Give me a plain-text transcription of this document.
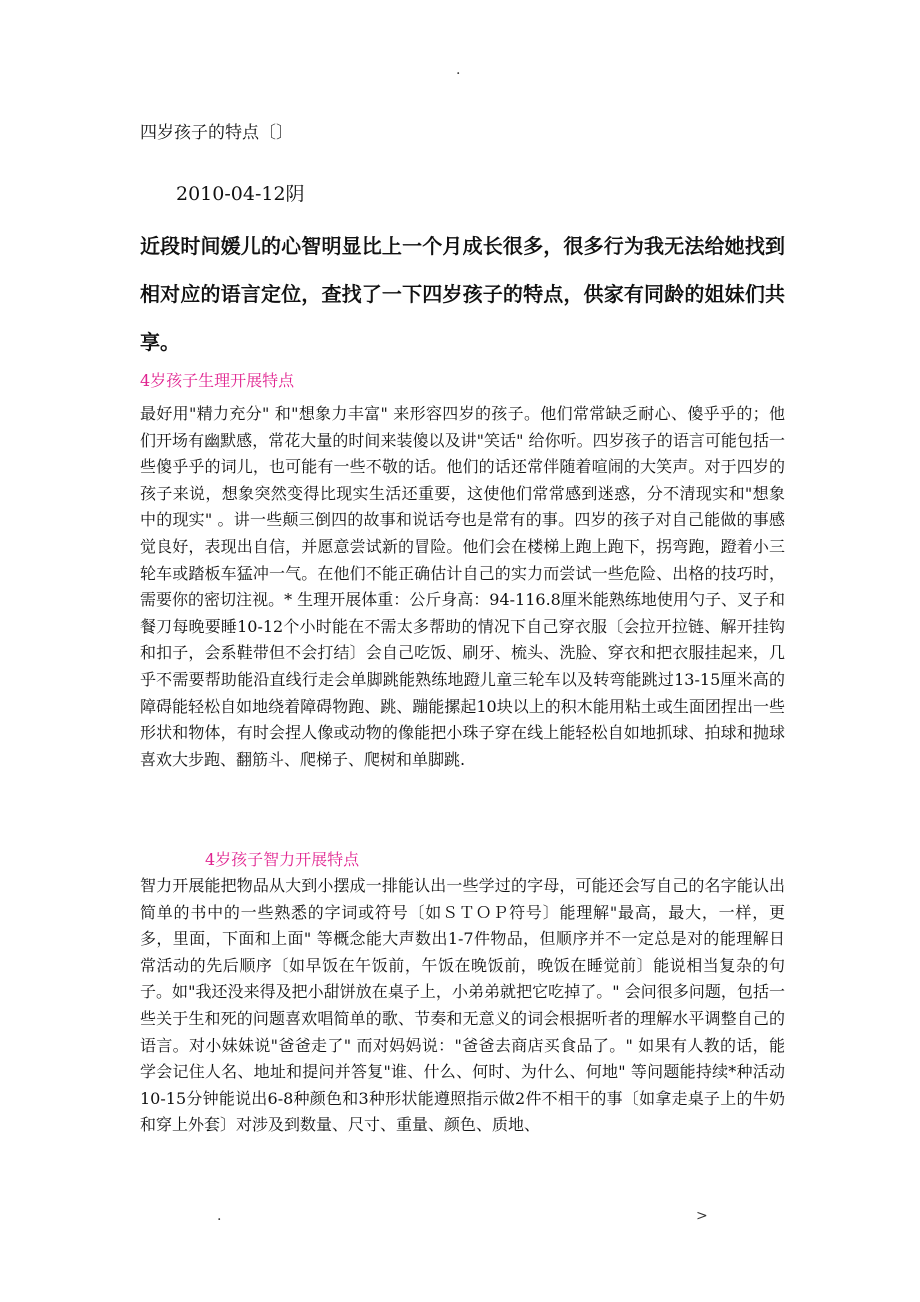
.
四岁孩子的特点〔〕
2010-04-12阴

近段时间媛儿的心智明显比上一个月成长很多，很多行为我无法给她找到相对应的语言定位，查找了一下四岁孩子的特点，供家有同龄的姐妹们共享。

4岁孩子生理开展特点

最好用"精力充分" 和"想象力丰富" 来形容四岁的孩子。他们常常缺乏耐心、傻乎乎的；他们开场有幽默感，常花大量的时间来装傻以及讲"笑话" 给你听。四岁孩子的语言可能包括一些傻乎乎的词儿，也可能有一些不敬的话。他们的话还常伴随着喧闹的大笑声。对于四岁的孩子来说，想象突然变得比现实生活还重要，这使他们常常感到迷惑，分不清现实和"想象中的现实" 。讲一些颠三倒四的故事和说话夸也是常有的事。四岁的孩子对自己能做的事感觉良好，表现出自信，并愿意尝试新的冒险。他们会在楼梯上跑上跑下，拐弯跑，蹬着小三轮车或踏板车猛冲一气。在他们不能正确估计自己的实力而尝试一些危险、出格的技巧时，需要你的密切注视。* 生理开展体重：公斤身高：94-116.8厘米能熟练地使用勺子、叉子和餐刀每晚要睡10-12个小时能在不需太多帮助的情况下自己穿衣服〔会拉开拉链、解开挂钩和扣子，会系鞋带但不会打结〕会自己吃饭、刷牙、梳头、洗脸、穿衣和把衣服挂起来，几乎不需要帮助能沿直线行走会单脚跳能熟练地蹬儿童三轮车以及转弯能跳过13-15厘米高的障碍能轻松自如地绕着障碍物跑、跳、蹦能摞起10块以上的积木能用粘土或生面团捏出一些形状和物体，有时会捏人像或动物的像能把小珠子穿在线上能轻松自如地抓球、拍球和抛球喜欢大步跑、翻筋斗、爬梯子、爬树和单脚跳.

4岁孩子智力开展特点

智力开展能把物品从大到小摆成一排能认出一些学过的字母，可能还会写自己的名字能认出简单的书中的一些熟悉的字词或符号〔如ＳＴＯＰ符号〕能理解"最高，最大，一样，更多，里面，下面和上面" 等概念能大声数出1-7件物品，但顺序并不一定总是对的能理解日常活动的先后顺序〔如早饭在午饭前，午饭在晚饭前，晚饭在睡觉前〕能说相当复杂的句子。如"我还没来得及把小甜饼放在桌子上，小弟弟就把它吃掉了。" 会问很多问题，包括一些关于生和死的问题喜欢唱简单的歌、节奏和无意义的词会根据听者的理解水平调整自己的语言。对小妹妹说"爸爸走了" 而对妈妈说："爸爸去商店买食品了。" 如果有人教的话，能学会记住人名、地址和提问并答复"谁、什么、何时、为什么、何地" 等问题能持续*种活动10-15分钟能说出6-8种颜色和3种形状能遵照指示做2件不相干的事〔如拿走桌子上的牛奶和穿上外套〕对涉及到数量、尺寸、重量、颜色、质地、

.	>
